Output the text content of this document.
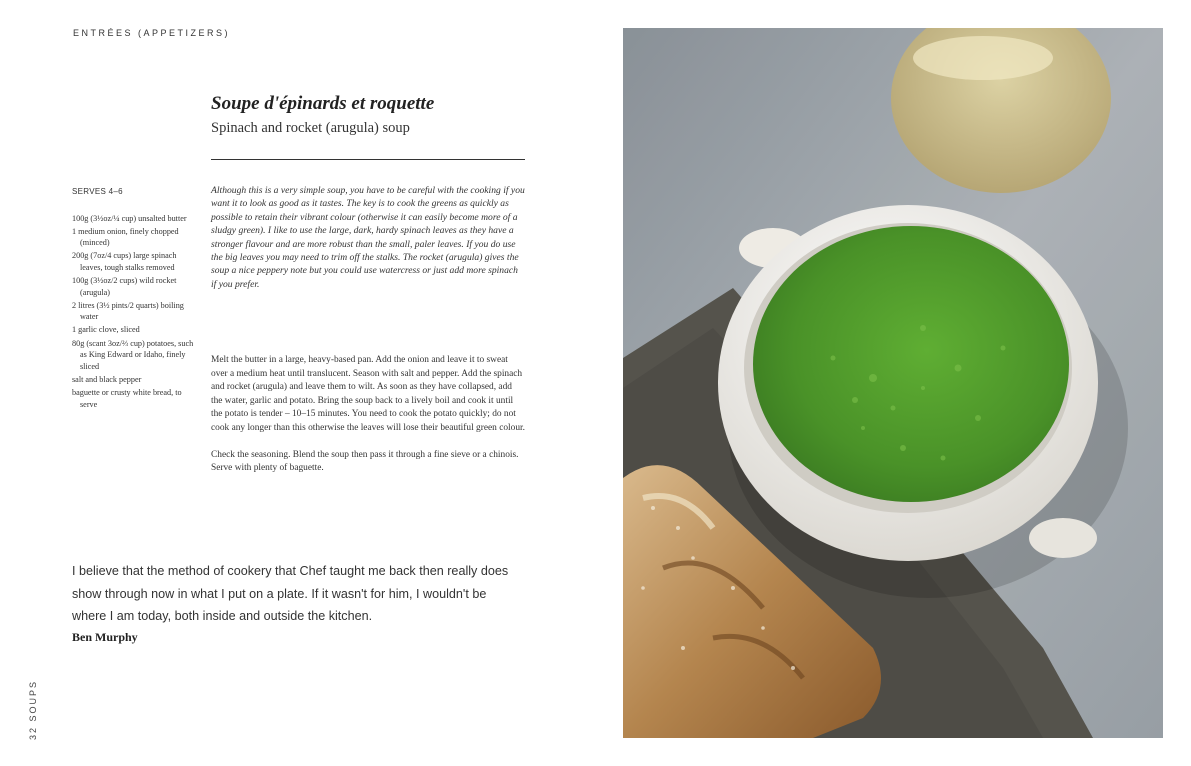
ENTRÉES (APPETIZERS)
Soupe d'épinards et roquette
Spinach and rocket (arugula) soup
SERVES 4–6
100g (3½oz/¼ cup) unsalted butter
1 medium onion, finely chopped (minced)
200g (7oz/4 cups) large spinach leaves, tough stalks removed
100g (3½oz/2 cups) wild rocket (arugula)
2 litres (3½ pints/2 quarts) boiling water
1 garlic clove, sliced
80g (scant 3oz/⅔ cup) potatoes, such as King Edward or Idaho, finely sliced
salt and black pepper
baguette or crusty white bread, to serve
Although this is a very simple soup, you have to be careful with the cooking if you want it to look as good as it tastes. The key is to cook the greens as quickly as possible to retain their vibrant colour (otherwise it can easily become more of a sludgy green). I like to use the large, dark, hardy spinach leaves as they have a stronger flavour and are more robust than the small, paler leaves. If you do use the big leaves you may need to trim off the stalks. The rocket (arugula) gives the soup a nice peppery note but you could use watercress or just add more spinach if you prefer.

Melt the butter in a large, heavy-based pan. Add the onion and leave it to sweat over a medium heat until translucent. Season with salt and pepper. Add the spinach and rocket (arugula) and leave them to wilt. As soon as they have collapsed, add the water, garlic and potato. Bring the soup back to a lively boil and cook it until the potato is tender – 10–15 minutes. You need to cook the potato quickly; do not cook any longer than this otherwise the leaves will lose their beautiful green colour.

Check the seasoning. Blend the soup then pass it through a fine sieve or a chinois. Serve with plenty of baguette.

I believe that the method of cookery that Chef taught me back then really does show through now in what I put on a plate. If it wasn't for him, I wouldn't be where I am today, both inside and outside the kitchen.
Ben Murphy
32 SOUPS
